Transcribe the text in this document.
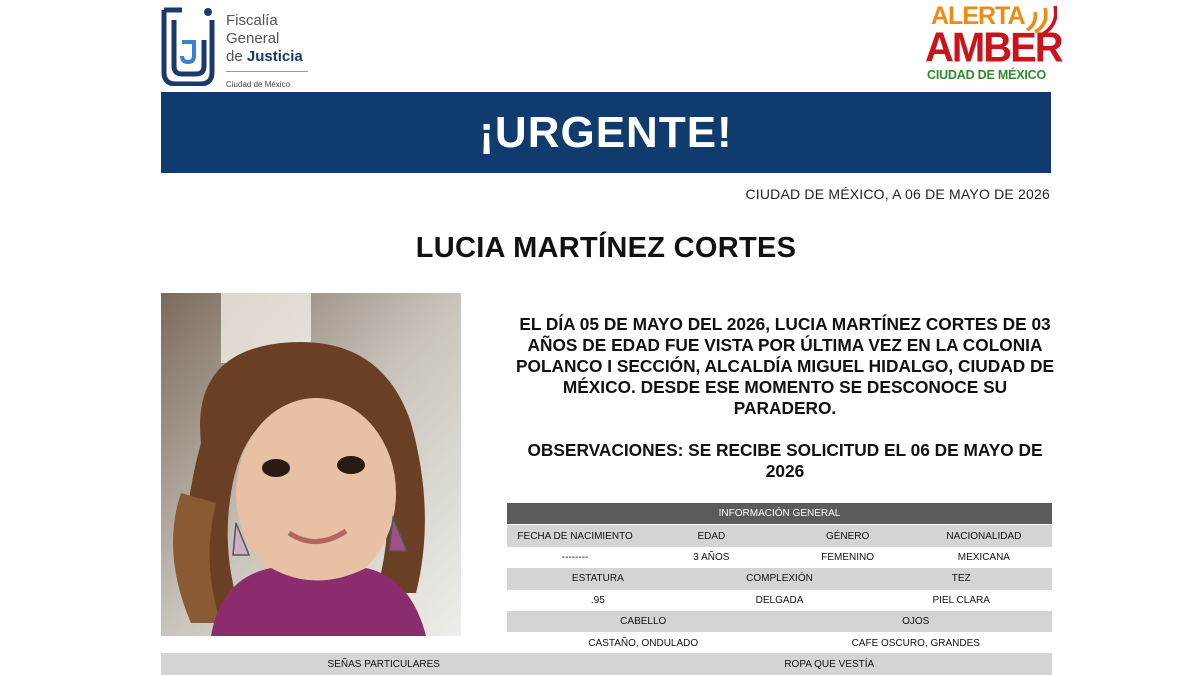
Fiscalía
General
de Justicia
Ciudad de México
ALERTA
AMBER
CIUDAD DE MÉXICO
¡URGENTE!
CIUDAD DE MÉXICO, A 06 DE MAYO DE 2026
LUCIA MARTÍNEZ CORTES
EL DÍA 05 DE MAYO DEL 2026, LUCIA MARTÍNEZ CORTES DE 03 AÑOS DE EDAD FUE VISTA POR ÚLTIMA VEZ EN LA COLONIA POLANCO I SECCIÓN, ALCALDÍA MIGUEL HIDALGO, CIUDAD DE MÉXICO. DESDE ESE MOMENTO SE DESCONOCE SU PARADERO.
OBSERVACIONES: SE RECIBE SOLICITUD EL 06 DE MAYO DE 2026
INFORMACIÓN GENERAL
FECHA DE NACIMIENTO	EDAD	GÉNERO	NACIONALIDAD
--------	3 AÑOS	FEMENINO	MEXICANA
ESTATURA	COMPLEXIÓN	TEZ
.95	DELGADA	PIEL CLARA
CABELLO	OJOS
CASTAÑO, ONDULADO	CAFE OSCURO, GRANDES
SEÑAS PARTICULARES	ROPA QUE VESTÍA
